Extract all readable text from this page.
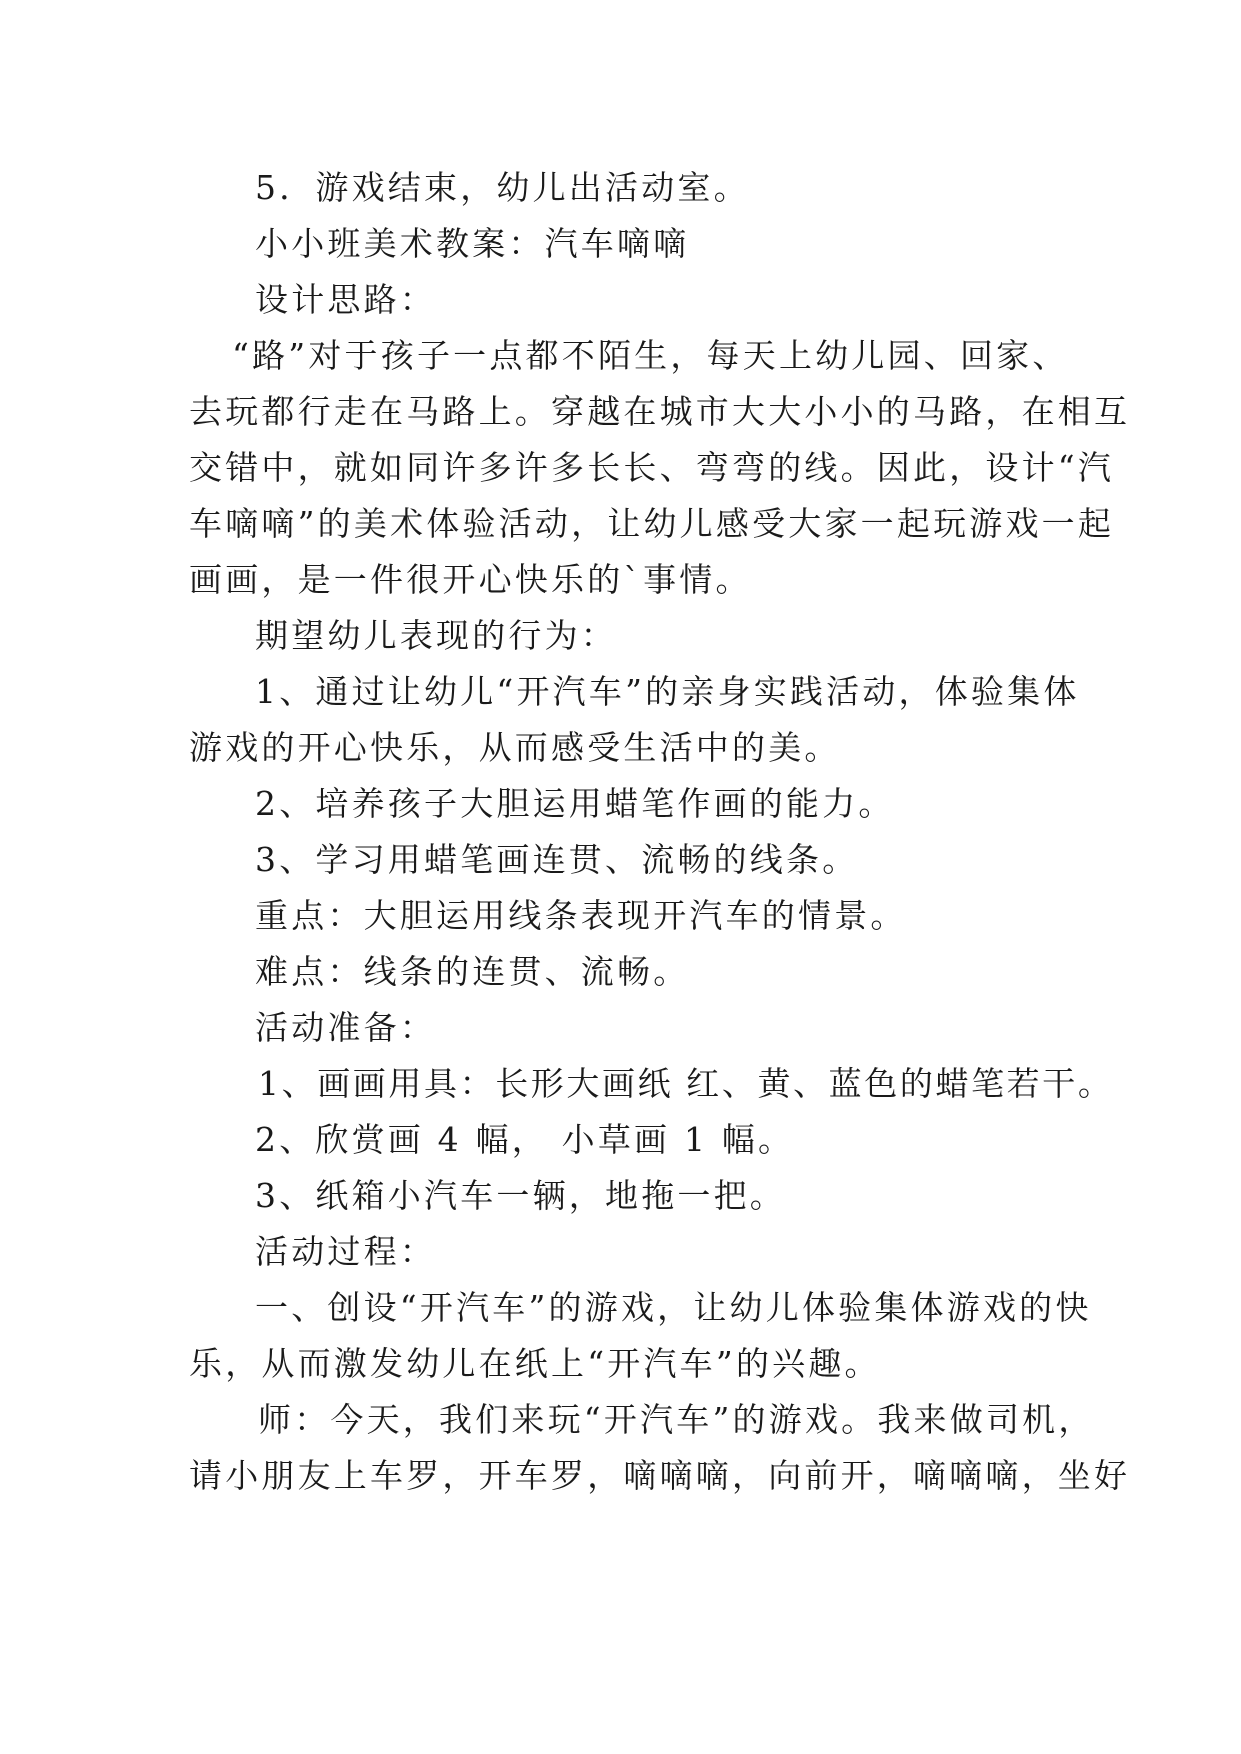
5．游戏结束，幼儿出活动室。
小小班美术教案：汽车嘀嘀
设计思路：
“路”对于孩子一点都不陌生，每天上幼儿园、回家、
去玩都行走在马路上。穿越在城市大大小小的马路，在相互
交错中，就如同许多许多长长、弯弯的线。因此，设计“汽
车嘀嘀”的美术体验活动，让幼儿感受大家一起玩游戏一起
画画，是一件很开心快乐的`事情。
期望幼儿表现的行为：
1、通过让幼儿“开汽车”的亲身实践活动，体验集体
游戏的开心快乐，从而感受生活中的美。
2、培养孩子大胆运用蜡笔作画的能力。
3、学习用蜡笔画连贯、流畅的线条。
重点：大胆运用线条表现开汽车的情景。
难点：线条的连贯、流畅。
活动准备：
1、画画用具：长形大画纸 红、黄、蓝色的蜡笔若干。
2、欣赏画 4 幅， 小草画 1 幅。
3、纸箱小汽车一辆，地拖一把。
活动过程：
一、创设“开汽车”的游戏，让幼儿体验集体游戏的快
乐，从而激发幼儿在纸上“开汽车”的兴趣。
师：今天，我们来玩“开汽车”的游戏。我来做司机，
请小朋友上车罗，开车罗，嘀嘀嘀，向前开，嘀嘀嘀，坐好
